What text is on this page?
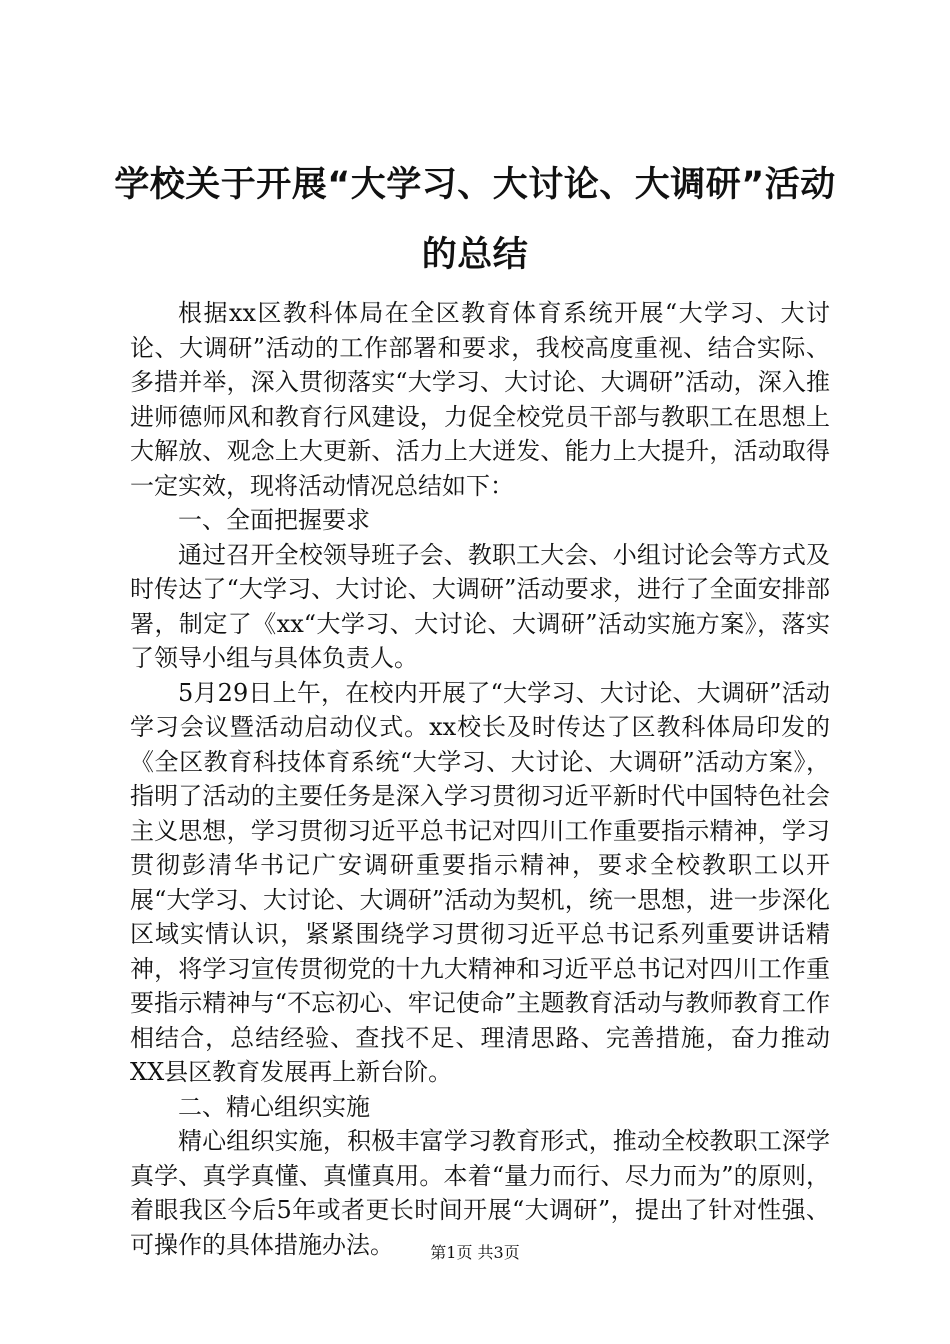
学校关于开展“大学习、大讨论、大调研”活动的总结

根据xx区教科体局在全区教育体育系统开展“大学习、大讨论、大调研”活动的工作部署和要求，我校高度重视、结合实际、多措并举，深入贯彻落实“大学习、大讨论、大调研”活动，深入推进师德师风和教育行风建设，力促全校党员干部与教职工在思想上大解放、观念上大更新、活力上大迸发、能力上大提升，活动取得一定实效，现将活动情况总结如下：

一、全面把握要求

通过召开全校领导班子会、教职工大会、小组讨论会等方式及时传达了“大学习、大讨论、大调研”活动要求，进行了全面安排部署，制定了《xx“大学习、大讨论、大调研”活动实施方案》，落实了领导小组与具体负责人。

5月29日上午，在校内开展了“大学习、大讨论、大调研”活动学习会议暨活动启动仪式。xx校长及时传达了区教科体局印发的《全区教育科技体育系统“大学习、大讨论、大调研”活动方案》，指明了活动的主要任务是深入学习贯彻习近平新时代中国特色社会主义思想，学习贯彻习近平总书记对四川工作重要指示精神，学习贯彻彭清华书记广安调研重要指示精神，要求全校教职工以开展“大学习、大讨论、大调研”活动为契机，统一思想，进一步深化区域实情认识，紧紧围绕学习贯彻习近平总书记系列重要讲话精神，将学习宣传贯彻党的十九大精神和习近平总书记对四川工作重要指示精神与“不忘初心、牢记使命”主题教育活动与教师教育工作相结合，总结经验、查找不足、理清思路、完善措施，奋力推动XX县区教育发展再上新台阶。

二、精心组织实施

精心组织实施，积极丰富学习教育形式，推动全校教职工深学真学、真学真懂、真懂真用。本着“量力而行、尽力而为”的原则，着眼我区今后5年或者更长时间开展“大调研”，提出了针对性强、可操作的具体措施办法。	第1页 共3页
